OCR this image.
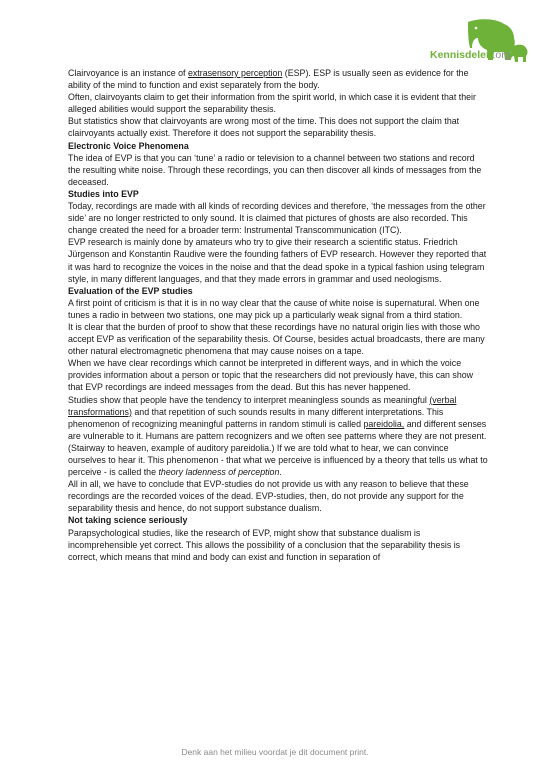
Kennisdelen.org

Clairvoyance is an instance of extrasensory perception (ESP). ESP is usually seen as evidence for the ability of the mind to function and exist separately from the body.

Often, clairvoyants claim to get their information from the spirit world, in which case it is evident that their alleged abilities would support the separability thesis.

But statistics show that clairvoyants are wrong most of the time. This does not support the claim that clairvoyants actually exist. Therefore it does not support the separability thesis.

Electronic Voice Phenomena

The idea of EVP is that you can ‘tune’ a radio or television to a channel between two stations and record the resulting white noise. Through these recordings, you can then discover all kinds of messages from the deceased.

Studies into EVP

Today, recordings are made with all kinds of recording devices and therefore, ‘the messages from the other side’ are no longer restricted to only sound. It is claimed that pictures of ghosts are also recorded. This change created the need for a broader term: Instrumental Transcommunication (ITC).

EVP research is mainly done by amateurs who try to give their research a scientific status. Friedrich Jürgenson and Konstantin Raudive were the founding fathers of EVP research. However they reported that it was hard to recognize the voices in the noise and that the dead spoke in a typical fashion using telegram style, in many different languages, and that they made errors in grammar and used neologisms.

Evaluation of the EVP studies

A first point of criticism is that it is in no way clear that the cause of white noise is supernatural. When one tunes a radio in between two stations, one may pick up a particularly weak signal from a third station.

It is clear that the burden of proof to show that these recordings have no natural origin lies with those who accept EVP as verification of the separability thesis. Of Course, besides actual broadcasts, there are many other natural electromagnetic phenomena that may cause noises on a tape.

When we have clear recordings which cannot be interpreted in different ways, and in which the voice provides information about a person or topic that the researchers did not previously have, this can show that EVP recordings are indeed messages from the dead. But this has never happened.

Studies show that people have the tendency to interpret meaningless sounds as meaningful (verbal transformations) and that repetition of such sounds results in many different interpretations. This phenomenon of recognizing meaningful patterns in random stimuli is called pareidolia, and different senses are vulnerable to it. Humans are pattern recognizers and we often see patterns where they are not present. (Stairway to heaven, example of auditory pareidolia.) If we are told what to hear, we can convince ourselves to hear it. This phenomenon - that what we perceive is influenced by a theory that tells us what to perceive - is called the theory ladenness of perception.

All in all, we have to conclude that EVP-studies do not provide us with any reason to believe that these recordings are the recorded voices of the dead. EVP-studies, then, do not provide any support for the separability thesis and hence, do not support substance dualism.

Not taking science seriously

Parapsychological studies, like the research of EVP, might show that substance dualism is incomprehensible yet correct. This allows the possibility of a conclusion that the separability thesis is correct, which means that mind and body can exist and function in separation of

Denk aan het milieu voordat je dit document print.
